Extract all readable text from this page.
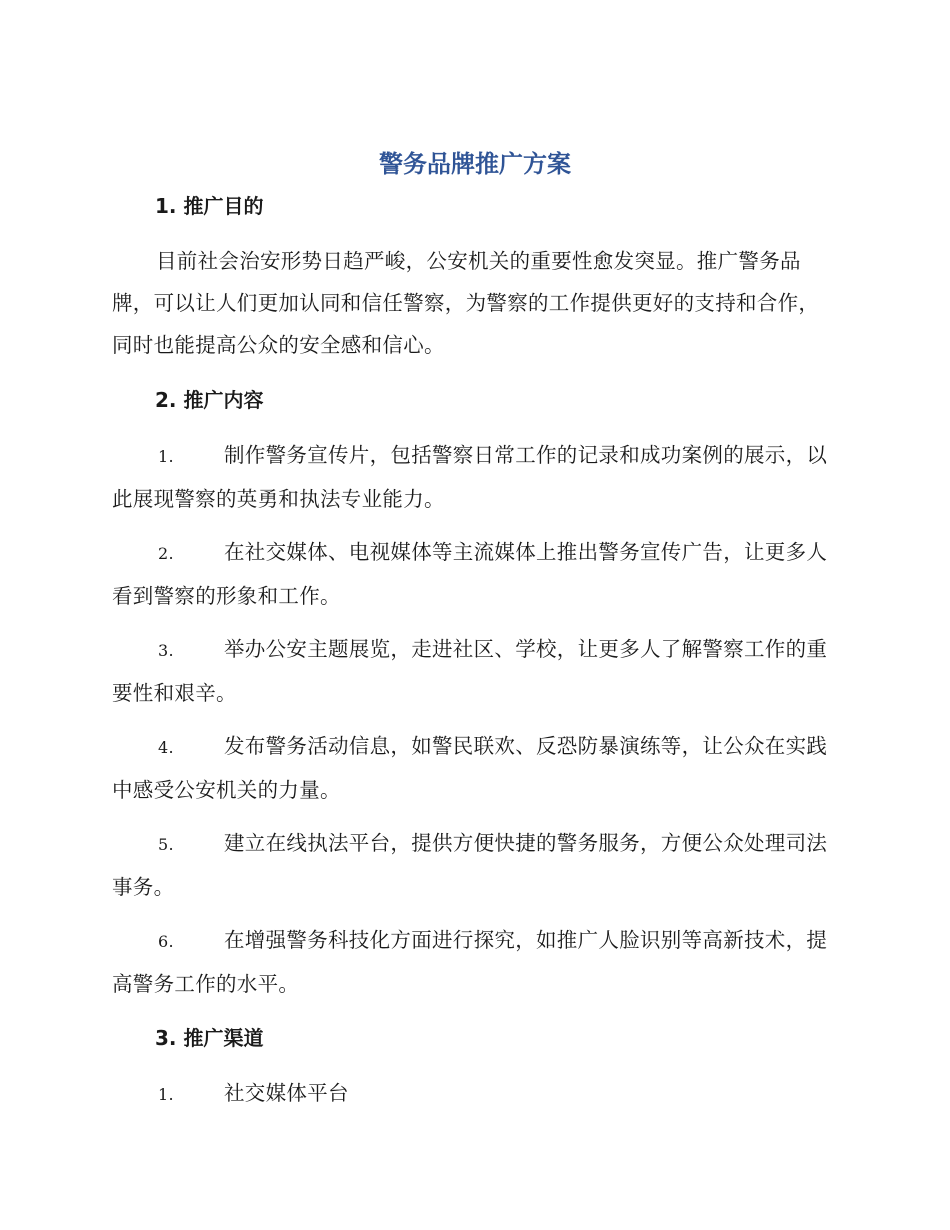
警务品牌推广方案
1. 推广目的

目前社会治安形势日趋严峻，公安机关的重要性愈发突显。推广警务品牌，可以让人们更加认同和信任警察，为警察的工作提供更好的支持和合作，同时也能提高公众的安全感和信心。

2. 推广内容

1. 制作警务宣传片，包括警察日常工作的记录和成功案例的展示，以此展现警察的英勇和执法专业能力。

2. 在社交媒体、电视媒体等主流媒体上推出警务宣传广告，让更多人看到警察的形象和工作。

3. 举办公安主题展览，走进社区、学校，让更多人了解警察工作的重要性和艰辛。

4. 发布警务活动信息，如警民联欢、反恐防暴演练等，让公众在实践中感受公安机关的力量。

5. 建立在线执法平台，提供方便快捷的警务服务，方便公众处理司法事务。

6. 在增强警务科技化方面进行探究，如推广人脸识别等高新技术，提高警务工作的水平。

3. 推广渠道

1. 社交媒体平台
